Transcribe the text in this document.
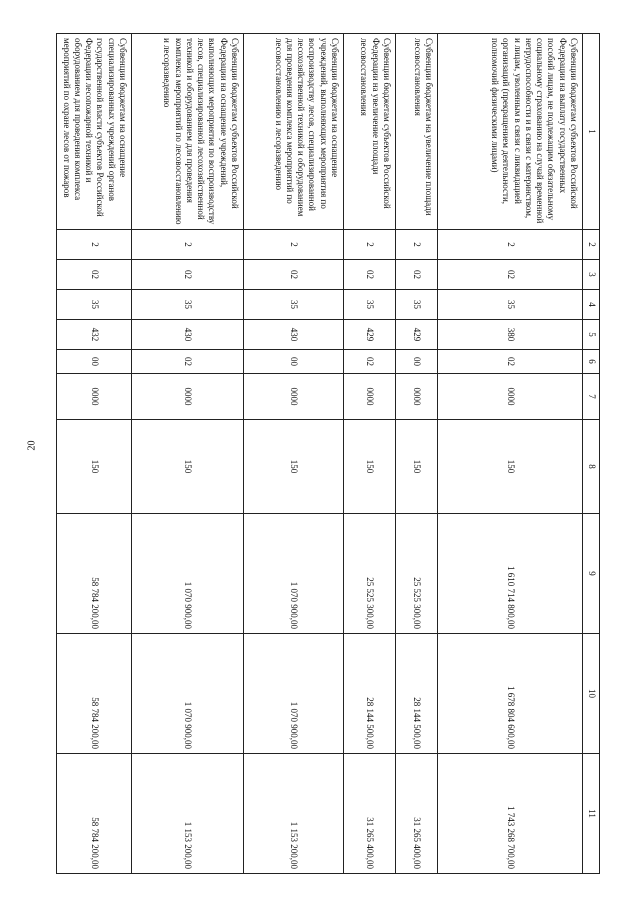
20
1	2	3	4	5	6	7	8	9	10	11
Субвенции бюджетам субъектов Российской Федерации на выплату государственных пособий лицам, не подлежащим обязательному социальному страхованию на случай временной нетрудоспособности и в связи с материнством, и лицам, уволенным в связи с ликвидацией организаций (прекращением деятельности, полномочий физическими лицами)	2	02	35	380	02	0000	150	1 610 714 800,00	1 678 804 600,00	1 743 268 700,00
Субвенции бюджетам на увеличение площади лесовосстановления	2	02	35	429	00	0000	150	25 525 300,00	28 144 500,00	31 265 400,00
Субвенции бюджетам субъектов Российской Федерации на увеличение площади лесовосстановления	2	02	35	429	02	0000	150	25 525 300,00	28 144 500,00	31 265 400,00
Субвенции бюджетам на оснащение учреждений, выполняющих мероприятия по воспроизводству лесов, специализированной лесохозяйственной техникой и оборудованием для проведения комплекса мероприятий по лесовосстановлению и лесоразведению	2	02	35	430	00	0000	150	1 070 900,00	1 070 900,00	1 153 200,00
Субвенции бюджетам субъектов Российской Федерации на оснащение учреждений, выполняющих мероприятия по воспроизводству лесов, специализированной лесохозяйственной техникой и оборудованием для проведения комплекса мероприятий по лесовосстановлению и лесоразведению	2	02	35	430	02	0000	150	1 070 900,00	1 070 900,00	1 153 200,00
Субвенции бюджетам на оснащение специализированных учреждений органов государственной власти субъектов Российской Федерации лесопожарной техникой и оборудованием для проведения комплекса мероприятий по охране лесов от пожаров	2	02	35	432	00	0000	150	58 784 200,00	58 784 200,00	58 784 200,00
